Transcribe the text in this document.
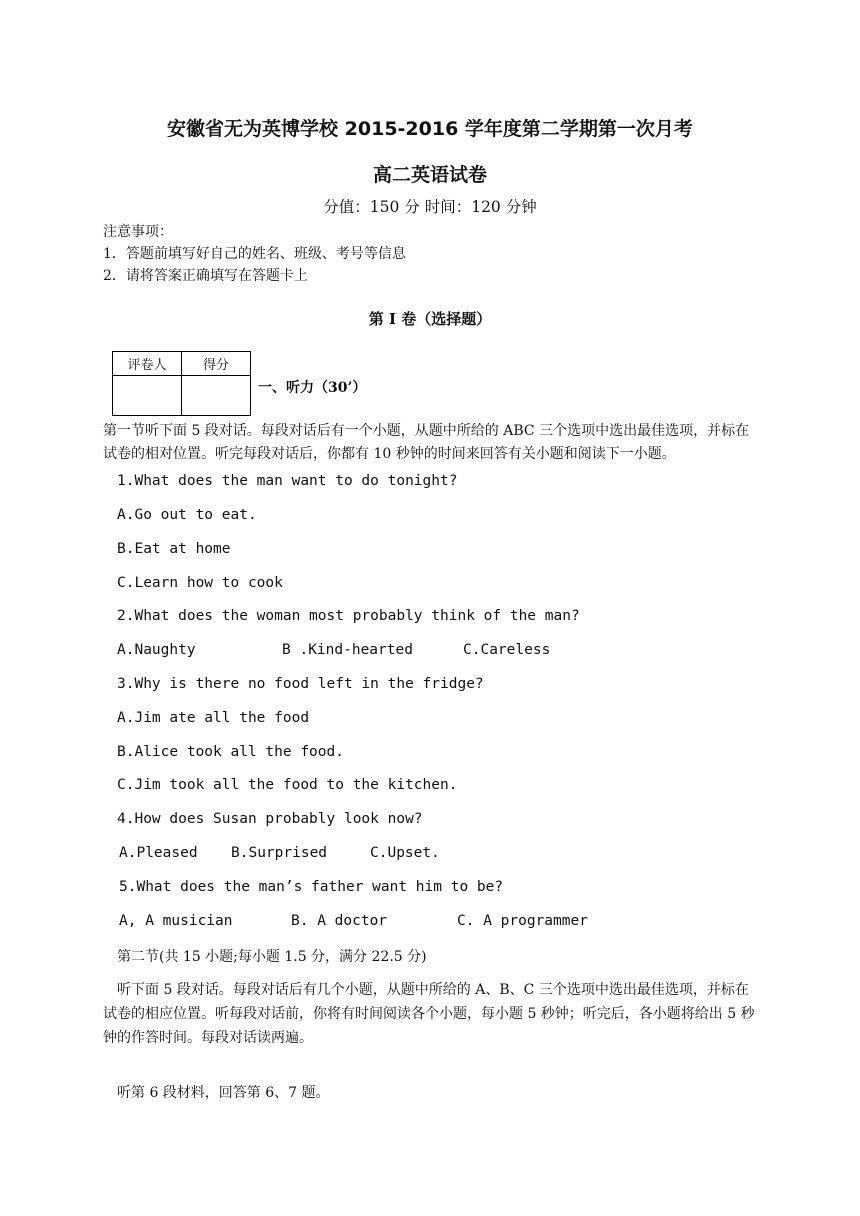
安徽省无为英博学校 2015-2016 学年度第二学期第一次月考
高二英语试卷
分值：150 分 时间：120 分钟
注意事项：
1．答题前填写好自己的姓名、班级、考号等信息
2．请将答案正确填写在答题卡上
第 I 卷（选择题）
评卷人	得分

一、听力（30’）
第一节听下面 5 段对话。每段对话后有一个小题，从题中所给的 ABC 三个选项中选出最佳选项，并标在试卷的相对位置。听完每段对话后，你都有 10 秒钟的时间来回答有关小题和阅读下一小题。
1.What does the man want to do tonight?
A.Go out to eat.
B.Eat at home
C.Learn how to cook
2.What does the woman most probably think of the man?
A.Naughty	B .Kind-hearted	C.Careless
3.Why is there no food left in the fridge?
A.Jim ate all the food
B.Alice took all the food.
C.Jim took all the food to the kitchen.
4.How does Susan probably look now?
A.Pleased B.Surprised	C.Upset.
5.What does the man’s father want him to be?
A, A musician	B. A doctor	C. A programmer
第二节(共 15 小题;每小题 1.5 分，满分 22.5 分)
听下面 5 段对话。每段对话后有几个小题，从题中所给的 A、B、C 三个选项中选出最佳选项，并标在试卷的相应位置。听每段对话前，你将有时间阅读各个小题，每小题 5 秒钟；听完后，各小题将给出 5 秒钟的作答时间。每段对话读两遍。
听第 6 段材料，回答第 6、7 题。
